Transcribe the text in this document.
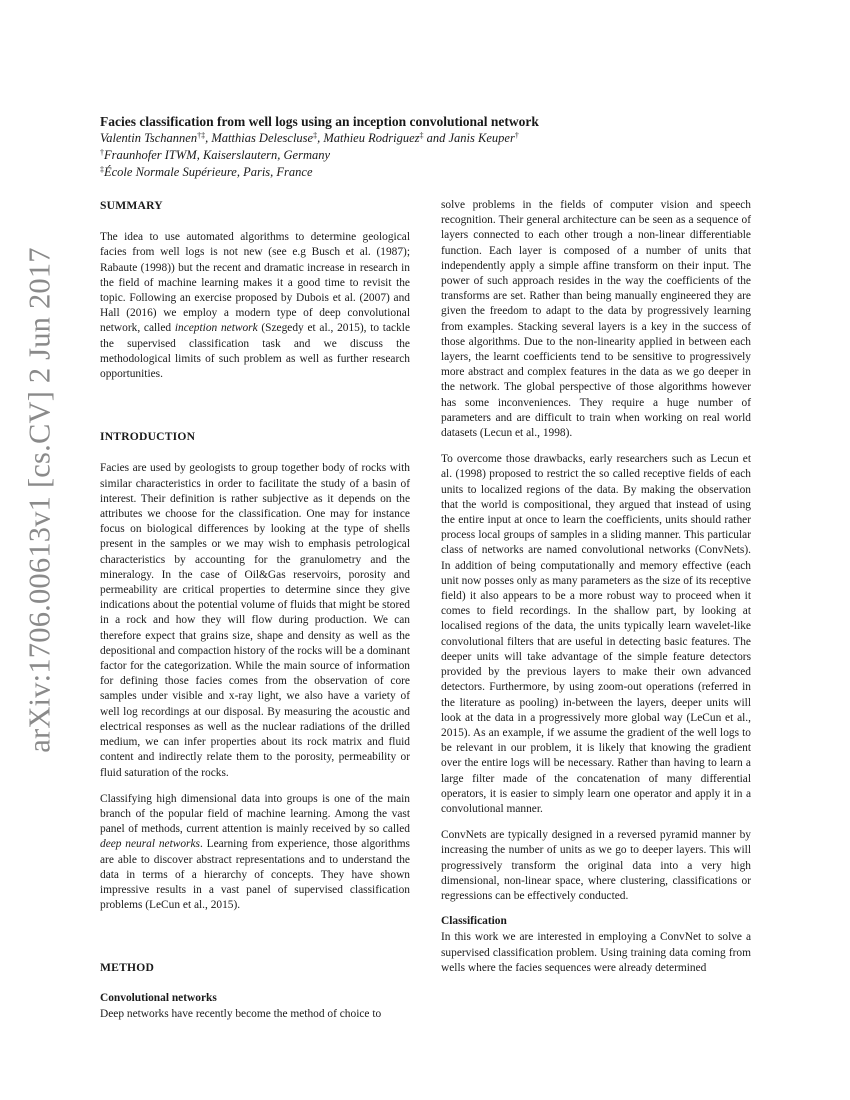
arXiv:1706.00613v1 [cs.CV] 2 Jun 2017

Facies classification from well logs using an inception convolutional network

Valentin Tschannen†‡, Matthias Delescluse‡, Mathieu Rodriguez‡ and Janis Keuper†

†Fraunhofer ITWM, Kaiserslautern, Germany

‡École Normale Supérieure, Paris, France

SUMMARY

The idea to use automated algorithms to determine geological facies from well logs is not new (see e.g Busch et al. (1987); Rabaute (1998)) but the recent and dramatic increase in research in the field of machine learning makes it a good time to revisit the topic. Following an exercise proposed by Dubois et al. (2007) and Hall (2016) we employ a modern type of deep convolutional network, called inception network (Szegedy et al., 2015), to tackle the supervised classification task and we discuss the methodological limits of such problem as well as further research opportunities.

INTRODUCTION

Facies are used by geologists to group together body of rocks with similar characteristics in order to facilitate the study of a basin of interest. Their definition is rather subjective as it depends on the attributes we choose for the classification. One may for instance focus on biological differences by looking at the type of shells present in the samples or we may wish to emphasis petrological characteristics by accounting for the granulometry and the mineralogy. In the case of Oil&Gas reservoirs, porosity and permeability are critical properties to determine since they give indications about the potential volume of fluids that might be stored in a rock and how they will flow during production. We can therefore expect that grains size, shape and density as well as the depositional and compaction history of the rocks will be a dominant factor for the categorization. While the main source of information for defining those facies comes from the observation of core samples under visible and x-ray light, we also have a variety of well log recordings at our disposal. By measuring the acoustic and electrical responses as well as the nuclear radiations of the drilled medium, we can infer properties about its rock matrix and fluid content and indirectly relate them to the porosity, permeability or fluid saturation of the rocks.

Classifying high dimensional data into groups is one of the main branch of the popular field of machine learning. Among the vast panel of methods, current attention is mainly received by so called deep neural networks. Learning from experience, those algorithms are able to discover abstract representations and to understand the data in terms of a hierarchy of concepts. They have shown impressive results in a vast panel of supervised classification problems (LeCun et al., 2015).

METHOD
Convolutional networks

Deep networks have recently become the method of choice to

solve problems in the fields of computer vision and speech recognition. Their general architecture can be seen as a sequence of layers connected to each other trough a non-linear differentiable function. Each layer is composed of a number of units that independently apply a simple affine transform on their input. The power of such approach resides in the way the coefficients of the transforms are set. Rather than being manually engineered they are given the freedom to adapt to the data by progressively learning from examples. Stacking several layers is a key in the success of those algorithms. Due to the non-linearity applied in between each layers, the learnt coefficients tend to be sensitive to progressively more abstract and complex features in the data as we go deeper in the network. The global perspective of those algorithms however has some inconveniences. They require a huge number of parameters and are difficult to train when working on real world datasets (Lecun et al., 1998).

To overcome those drawbacks, early researchers such as Lecun et al. (1998) proposed to restrict the so called receptive fields of each units to localized regions of the data. By making the observation that the world is compositional, they argued that instead of using the entire input at once to learn the coefficients, units should rather process local groups of samples in a sliding manner. This particular class of networks are named convolutional networks (ConvNets). In addition of being computationally and memory effective (each unit now posses only as many parameters as the size of its receptive field) it also appears to be a more robust way to proceed when it comes to field recordings. In the shallow part, by looking at localised regions of the data, the units typically learn wavelet-like convolutional filters that are useful in detecting basic features. The deeper units will take advantage of the simple feature detectors provided by the previous layers to make their own advanced detectors. Furthermore, by using zoom-out operations (referred in the literature as pooling) in-between the layers, deeper units will look at the data in a progressively more global way (LeCun et al., 2015). As an example, if we assume the gradient of the well logs to be relevant in our problem, it is likely that knowing the gradient over the entire logs will be necessary. Rather than having to learn a large filter made of the concatenation of many differential operators, it is easier to simply learn one operator and apply it in a convolutional manner.

ConvNets are typically designed in a reversed pyramid manner by increasing the number of units as we go to deeper layers. This will progressively transform the original data into a very high dimensional, non-linear space, where clustering, classifications or regressions can be effectively conducted.

Classification

In this work we are interested in employing a ConvNet to solve a supervised classification problem. Using training data coming from wells where the facies sequences were already determined
